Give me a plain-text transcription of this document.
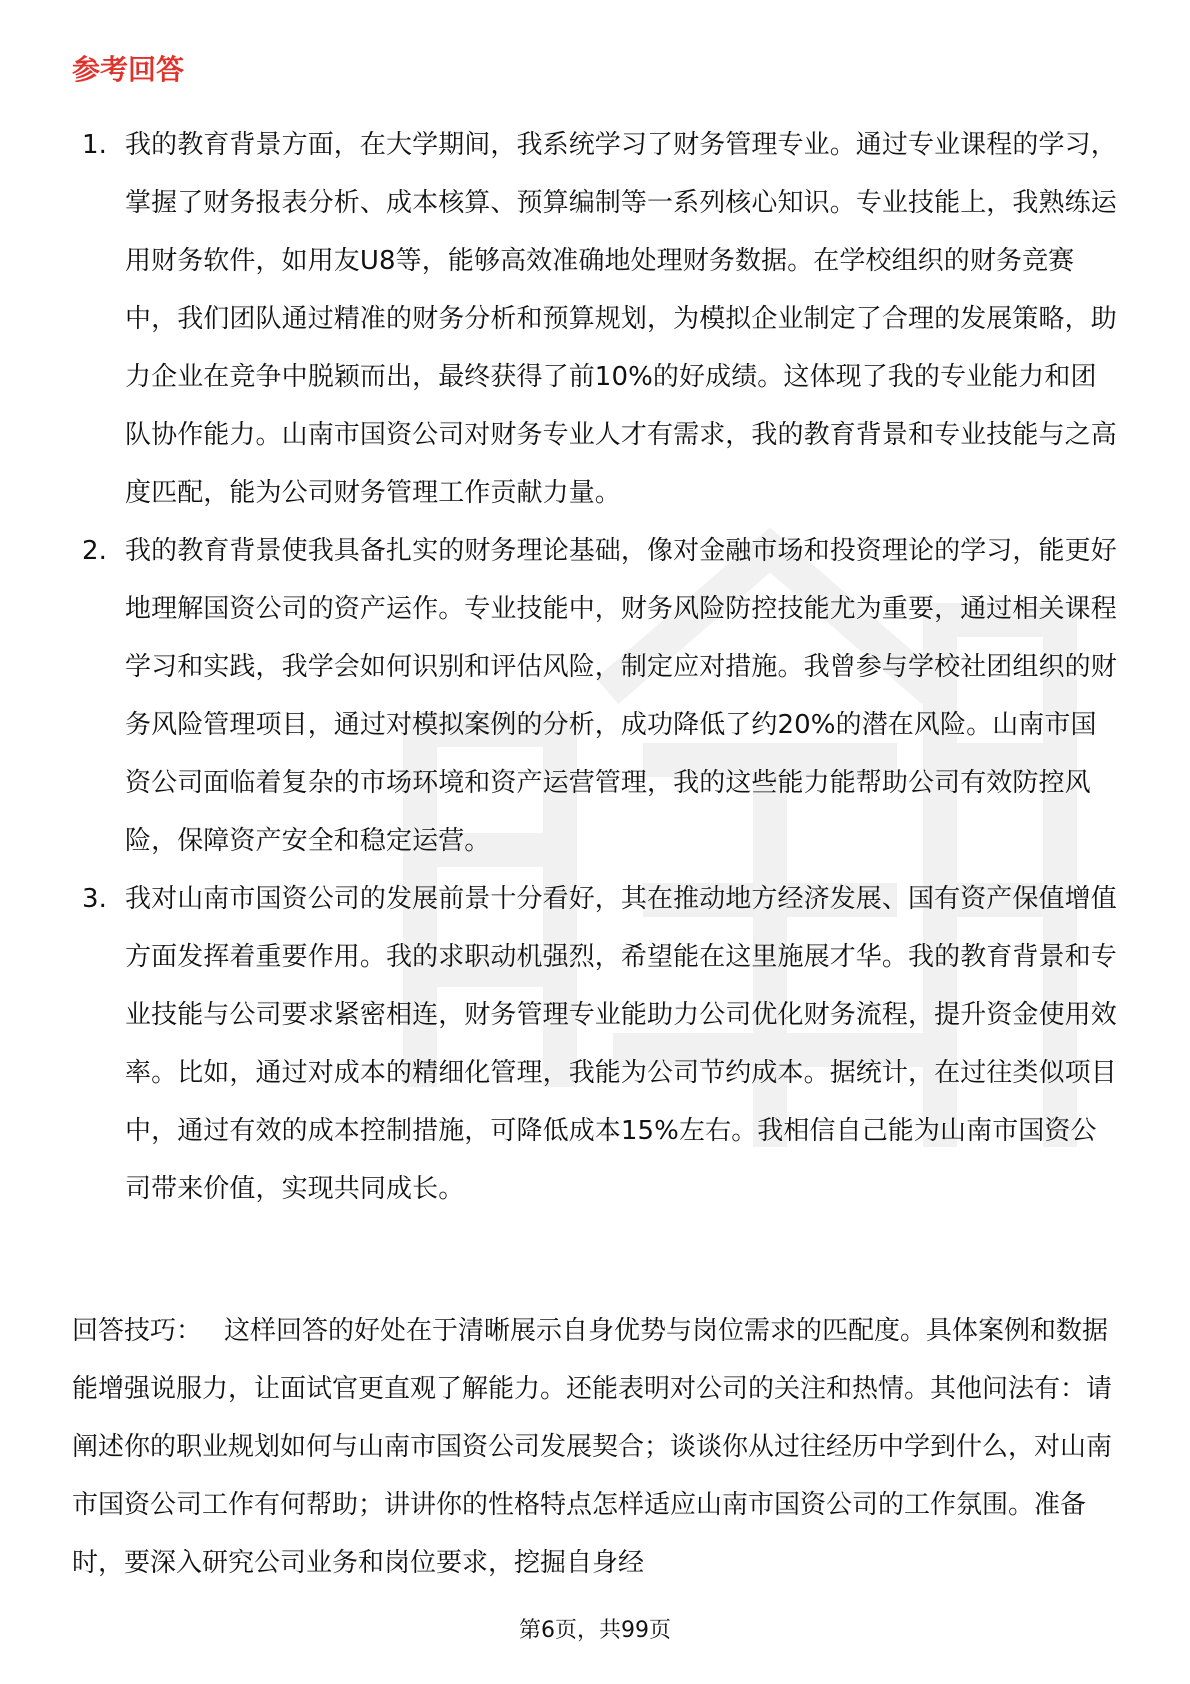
参考回答
1. 我的教育背景方面，在大学期间，我系统学习了财务管理专业。通过专业课程的学习，掌握了财务报表分析、成本核算、预算编制等一系列核心知识。专业技能上，我熟练运用财务软件，如用友U8等，能够高效准确地处理财务数据。在学校组织的财务竞赛中，我们团队通过精准的财务分析和预算规划，为模拟企业制定了合理的发展策略，助力企业在竞争中脱颖而出，最终获得了前10%的好成绩。这体现了我的专业能力和团队协作能力。山南市国资公司对财务专业人才有需求，我的教育背景和专业技能与之高度匹配，能为公司财务管理工作贡献力量。
2. 我的教育背景使我具备扎实的财务理论基础，像对金融市场和投资理论的学习，能更好地理解国资公司的资产运作。专业技能中，财务风险防控技能尤为重要，通过相关课程学习和实践，我学会如何识别和评估风险，制定应对措施。我曾参与学校社团组织的财务风险管理项目，通过对模拟案例的分析，成功降低了约20%的潜在风险。山南市国资公司面临着复杂的市场环境和资产运营管理，我的这些能力能帮助公司有效防控风险，保障资产安全和稳定运营。
3. 我对山南市国资公司的发展前景十分看好，其在推动地方经济发展、国有资产保值增值方面发挥着重要作用。我的求职动机强烈，希望能在这里施展才华。我的教育背景和专业技能与公司要求紧密相连，财务管理专业能助力公司优化财务流程，提升资金使用效率。比如，通过对成本的精细化管理，我能为公司节约成本。据统计，在过往类似项目中，通过有效的成本控制措施，可降低成本15%左右。我相信自己能为山南市国资公司带来价值，实现共同成长。

回答技巧： 这样回答的好处在于清晰展示自身优势与岗位需求的匹配度。具体案例和数据能增强说服力，让面试官更直观了解能力。还能表明对公司的关注和热情。其他问法有：请阐述你的职业规划如何与山南市国资公司发展契合；谈谈你从过往经历中学到什么，对山南市国资公司工作有何帮助；讲讲你的性格特点怎样适应山南市国资公司的工作氛围。准备时，要深入研究公司业务和岗位要求，挖掘自身经

第6页，共99页
